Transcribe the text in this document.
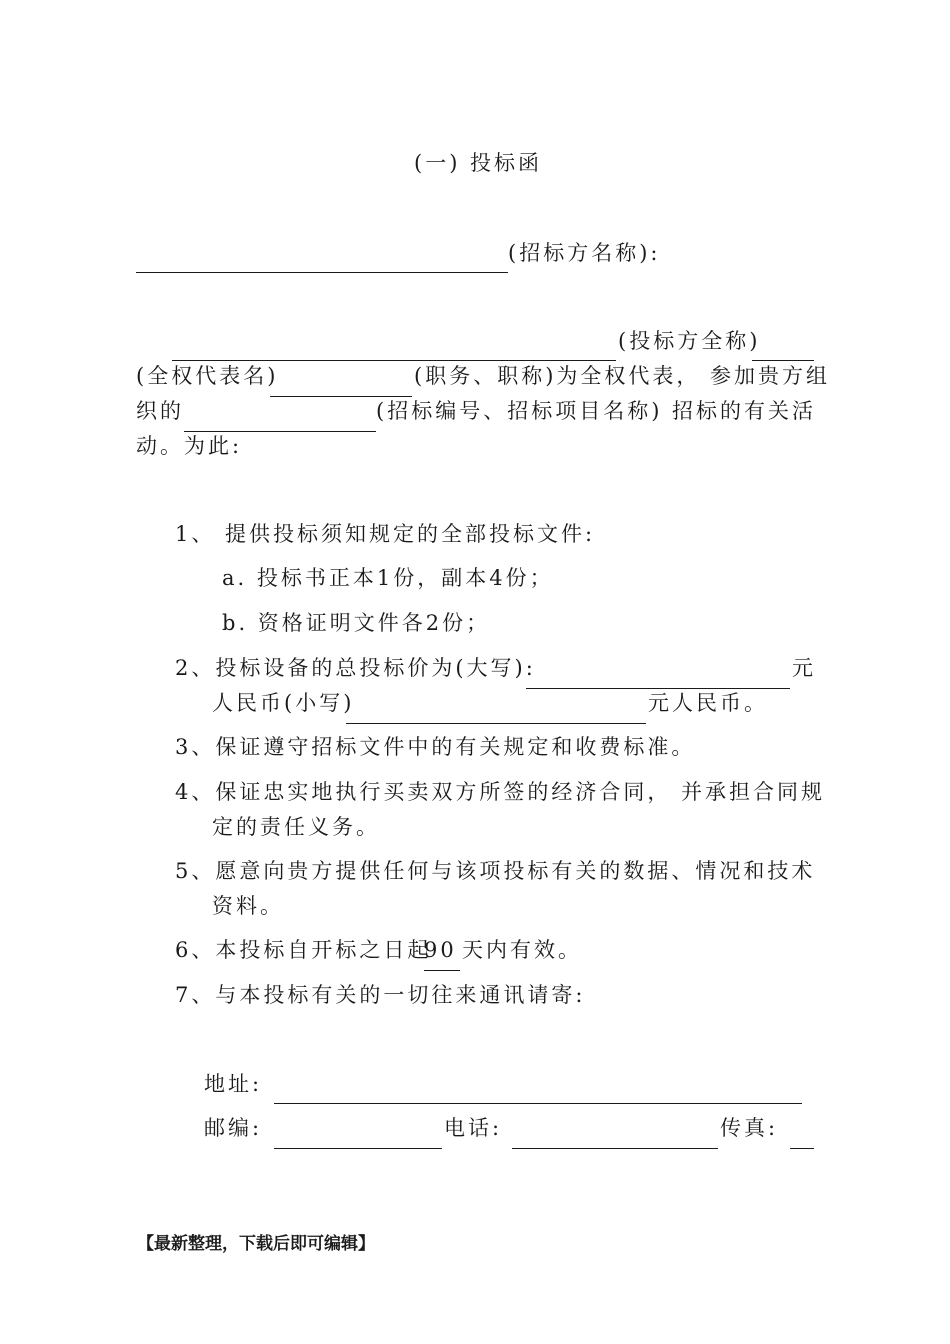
(一) 投标函
(招标方名称):
(投标方全称)
(全权代表名)	(职务、职称)为全权代表， 参加贵方组
织的	(招标编号、招标项目名称) 招标的有关活
动。为此:
1、 提供投标须知规定的全部投标文件:
a. 投标书正本1份，副本4份；
b. 资格证明文件各2份；
2、投标设备的总投标价为(大写):	元
人民币(小写)	元人民币。
3、保证遵守招标文件中的有关规定和收费标准。
4、保证忠实地执行买卖双方所签的经济合同， 并承担合同规
定的责任义务。
5、愿意向贵方提供任何与该项投标有关的数据、情况和技术
资料。
6、本投标自开标之日起
90 天内有效。
7、与本投标有关的一切往来通讯请寄:
地址:
邮编:	电话:	传真:
【最新整理，下载后即可编辑】
